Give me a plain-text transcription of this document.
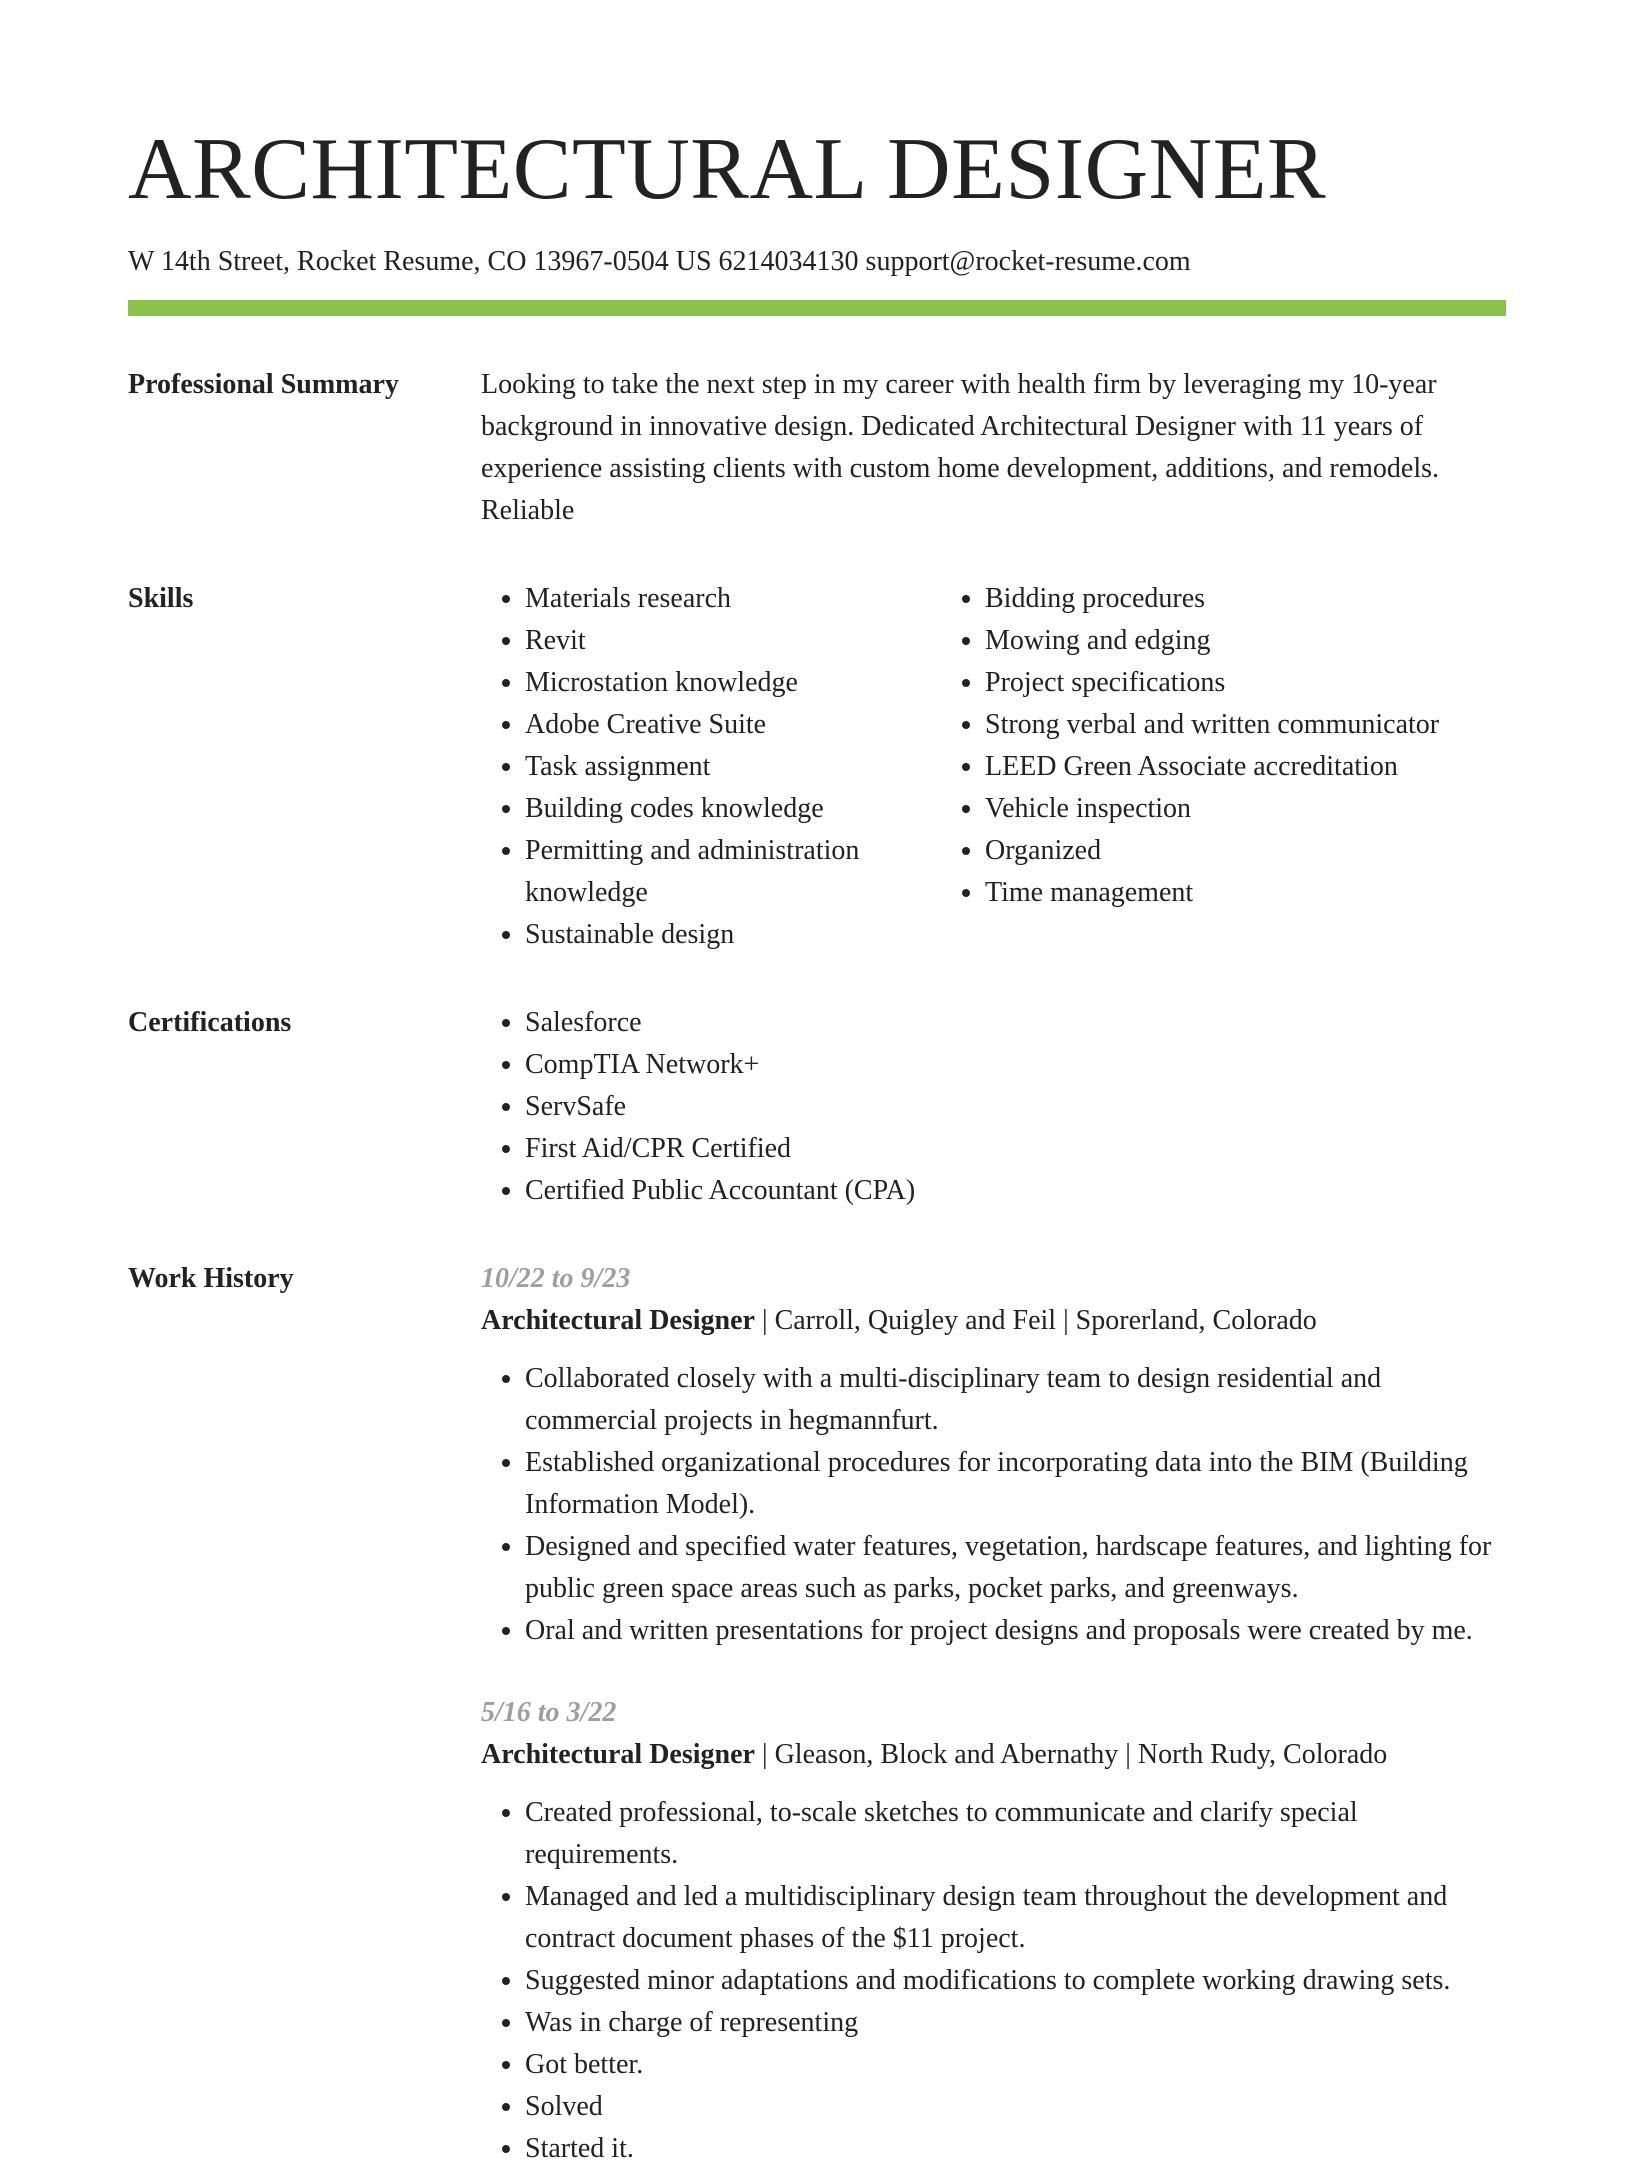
ARCHITECTURAL DESIGNER
W 14th Street, Rocket Resume, CO 13967-0504 US 6214034130 support@rocket-resume.com
Professional Summary	Looking to take the next step in my career with health firm by leveraging my 10-year background in innovative design. Dedicated Architectural Designer with 11 years of experience assisting clients with custom home development, additions, and remodels. Reliable

Skills	• Materials research
• Revit
• Microstation knowledge
• Adobe Creative Suite
• Task assignment
• Building codes knowledge
• Permitting and administration knowledge
• Sustainable design
• Bidding procedures
• Mowing and edging
• Project specifications
• Strong verbal and written communicator
• LEED Green Associate accreditation
• Vehicle inspection
• Organized
• Time management
Certifications	• Salesforce
• CompTIA Network+
• ServSafe
• First Aid/CPR Certified
• Certified Public Accountant (CPA)
Work History	10/22 to 9/23
Architectural Designer | Carroll, Quigley and Feil | Sporerland, Colorado
• Collaborated closely with a multi-disciplinary team to design residential and commercial projects in hegmannfurt.
• Established organizational procedures for incorporating data into the BIM (Building Information Model).
• Designed and specified water features, vegetation, hardscape features, and lighting for public green space areas such as parks, pocket parks, and greenways.
• Oral and written presentations for project designs and proposals were created by me.
5/16 to 3/22
Architectural Designer | Gleason, Block and Abernathy | North Rudy, Colorado
• Created professional, to-scale sketches to communicate and clarify special requirements.
• Managed and led a multidisciplinary design team throughout the development and contract document phases of the $11 project.
• Suggested minor adaptations and modifications to complete working drawing sets.
• Was in charge of representing
• Got better.
• Solved
• Started it.
